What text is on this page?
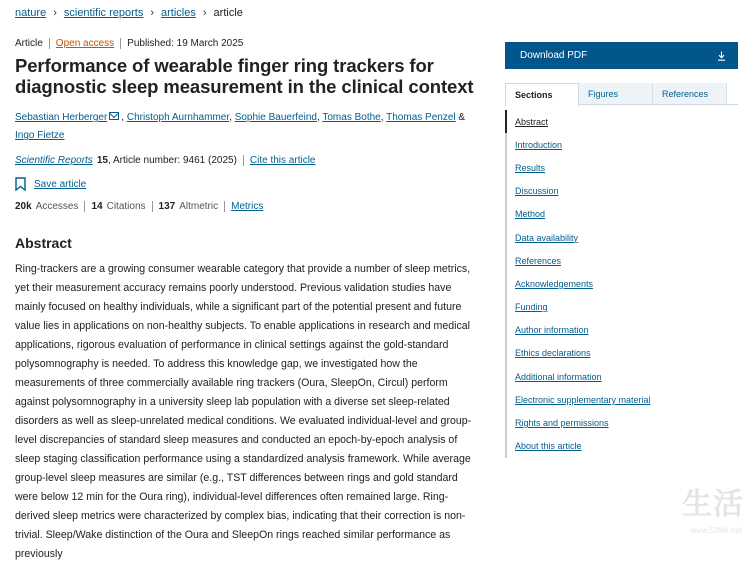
nature › scientific reports › articles › article
Article Open access Published: 19 March 2025
Performance of wearable finger ring trackers for diagnostic sleep measurement in the clinical context
Sebastian Herberger , Christoph Aurnhammer, Sophie Bauerfeind, Tomas Bothe, Thomas Penzel & Ingo Fietze
Scientific Reports 15 , Article number: 9461 (2025) Cite this article
Save article
20k Accesses 14 Citations 137 Altmetric Metrics
Abstract

Ring-trackers are a growing consumer wearable category that provide a number of sleep metrics, yet their measurement accuracy remains poorly understood. Previous validation studies have mainly focused on healthy individuals, while a significant part of the potential present and future value lies in applications on non-healthy subjects. To enable applications in research and medical applications, rigorous evaluation of performance in clinical settings against the gold-standard polysomnography is needed. To address this knowledge gap, we investigated how the measurements of three commercially available ring trackers (Oura, SleepOn, Circul) perform against polysomnography in a university sleep lab population with a diverse set sleep-related disorders as well as sleep-unrelated medical conditions. We evaluated individual-level and group-level discrepancies of standard sleep measures and conducted an epoch-by-epoch analysis of sleep staging classification performance using a standardized analysis framework. While average group-level sleep measures are similar (e.g., TST differences between rings and gold standard were below 12 min for the Oura ring), individual-level differences often remained large. Ring-derived sleep metrics were characterized by complex bias, indicating that their correction is non-trivial. Sleep/Wake distinction of the Oura and SleepOn rings reached similar performance as previously

Download PDF
Sections	Figures	References
Abstract
Introduction
Results
Discussion
Method
Data availability
References
Acknowledgements
Funding
Author information
Ethics declarations
Additional information
Electronic supplementary material
Rights and permissions
About this article
生活
www.52life.net
